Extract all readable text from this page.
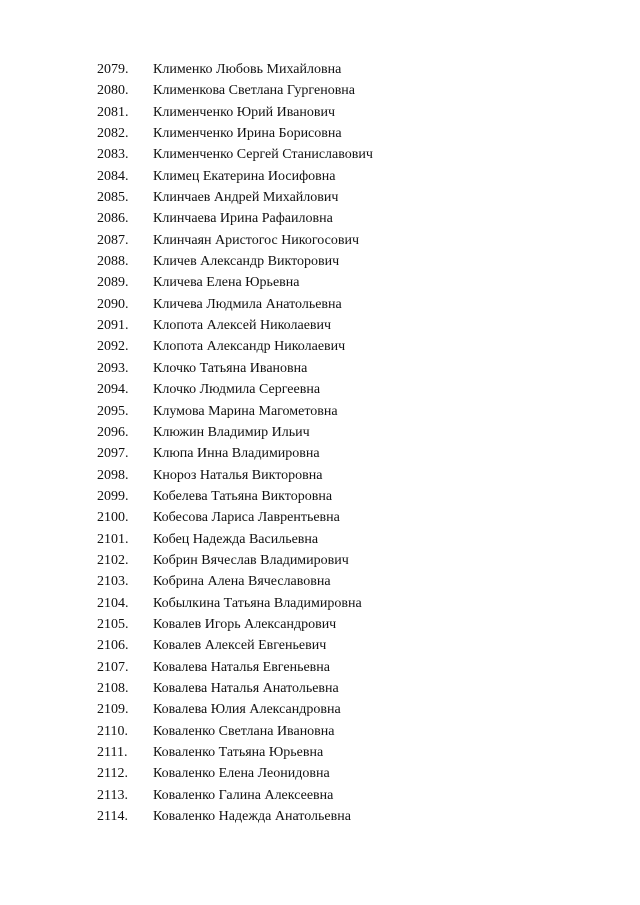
2079. Клименко Любовь Михайловна
2080. Клименкова Светлана Гургеновна
2081. Клименченко Юрий Иванович
2082. Клименченко Ирина Борисовна
2083. Клименченко Сергей Станиславович
2084. Климец Екатерина Иосифовна
2085. Клинчаев Андрей Михайлович
2086. Клинчаева Ирина Рафаиловна
2087. Клинчаян Аристогос Никогосович
2088. Кличев Александр Викторович
2089. Кличева Елена Юрьевна
2090. Кличева Людмила Анатольевна
2091. Клопота Алексей Николаевич
2092. Клопота Александр Николаевич
2093. Клочко Татьяна Ивановна
2094. Клочко Людмила Сергеевна
2095. Клумова Марина Магометовна
2096. Клюжин Владимир Ильич
2097. Клюпа Инна Владимировна
2098. Кнороз Наталья Викторовна
2099. Кобелева Татьяна Викторовна
2100. Кобесова Лариса Лаврентьевна
2101. Кобец Надежда Васильевна
2102. Кобрин Вячеслав Владимирович
2103. Кобрина Алена Вячеславовна
2104. Кобылкина Татьяна Владимировна
2105. Ковалев Игорь Александрович
2106. Ковалев Алексей Евгеньевич
2107. Ковалева Наталья Евгеньевна
2108. Ковалева Наталья Анатольевна
2109. Ковалева Юлия Александровна
2110. Коваленко Светлана Ивановна
2111. Коваленко Татьяна Юрьевна
2112. Коваленко Елена Леонидовна
2113. Коваленко Галина Алексеевна
2114. Коваленко Надежда Анатольевна
